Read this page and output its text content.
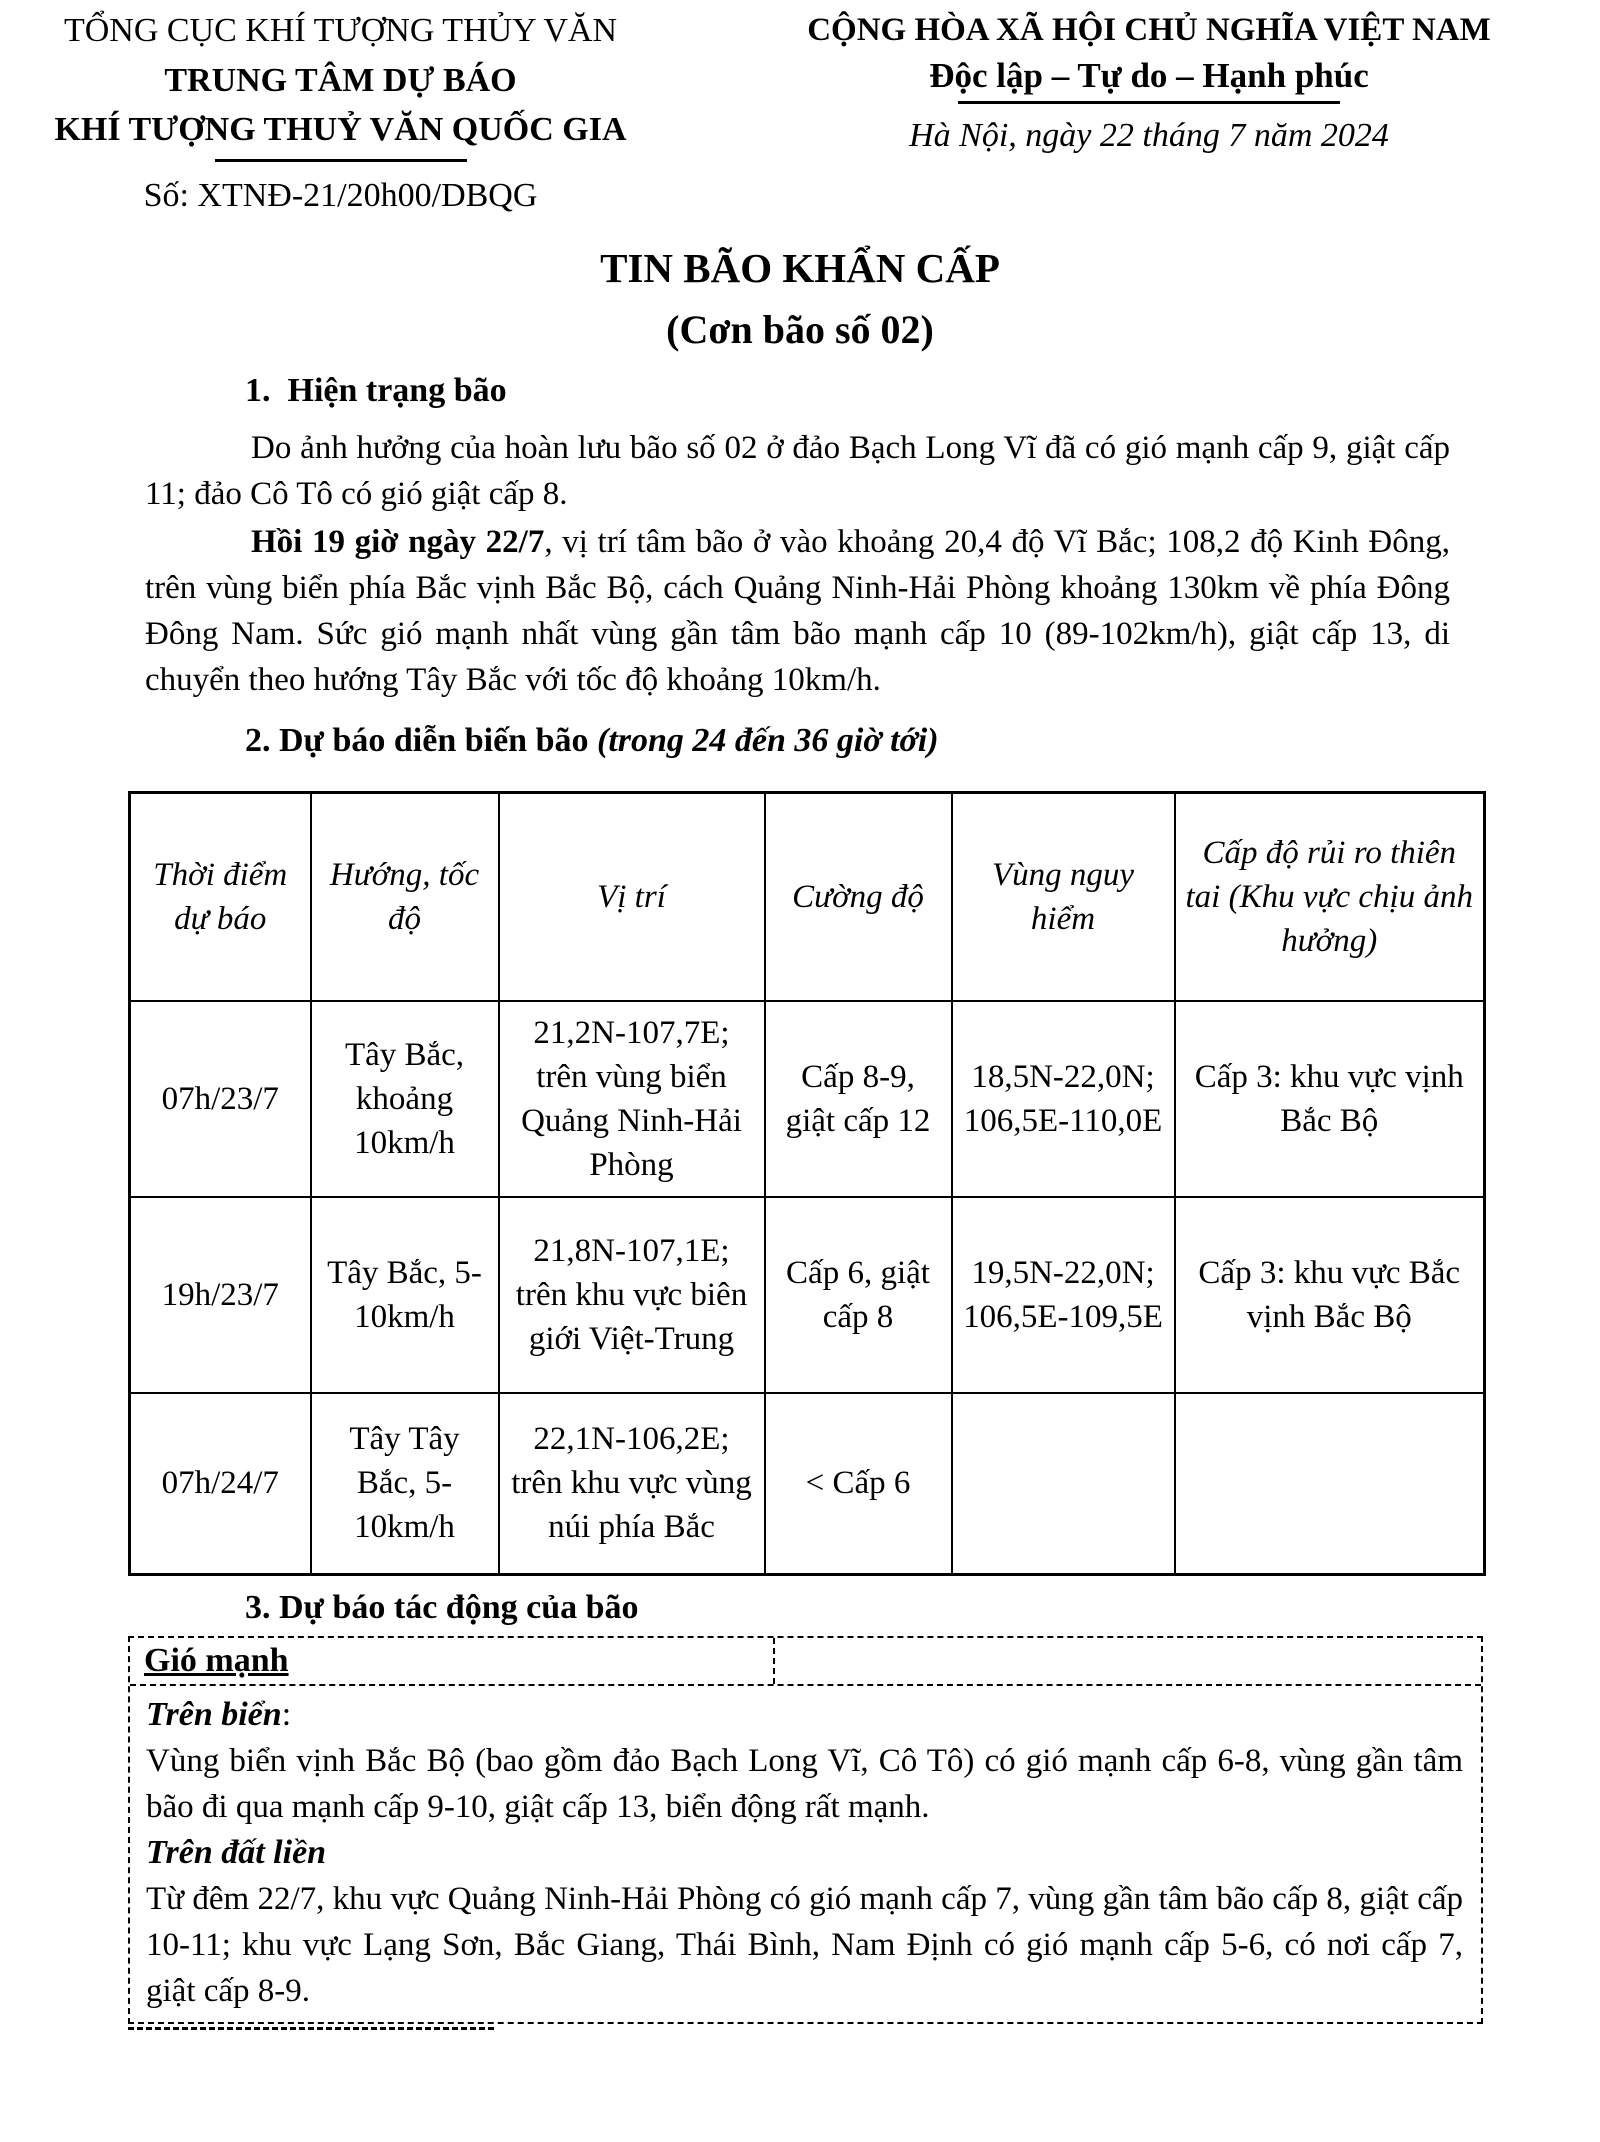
TỔNG CỤC KHÍ TƯỢNG THỦY VĂN
TRUNG TÂM DỰ BÁO
KHÍ TƯỢNG THUỶ VĂN QUỐC GIA
Số: XTNĐ-21/20h00/DBQG
CỘNG HÒA XÃ HỘI CHỦ NGHĨA VIỆT NAM
Độc lập – Tự do – Hạnh phúc
Hà Nội, ngày 22 tháng 7 năm 2024
TIN BÃO KHẨN CẤP
(Cơn bão số 02)
1.  Hiện trạng bão

Do ảnh hưởng của hoàn lưu bão số 02 ở đảo Bạch Long Vĩ đã có gió mạnh cấp 9, giật cấp 11; đảo Cô Tô có gió giật cấp 8.

Hồi 19 giờ ngày 22/7, vị trí tâm bão ở vào khoảng 20,4 độ Vĩ Bắc; 108,2 độ Kinh Đông, trên vùng biển phía Bắc vịnh Bắc Bộ, cách Quảng Ninh-Hải Phòng khoảng 130km về phía Đông Đông Nam. Sức gió mạnh nhất vùng gần tâm bão mạnh cấp 10 (89-102km/h), giật cấp 13, di chuyển theo hướng Tây Bắc với tốc độ khoảng 10km/h.

2. Dự báo diễn biến bão (trong 24 đến 36 giờ tới)
Thời điểm dự báo	Hướng, tốc độ	Vị trí	Cường độ	Vùng nguy hiểm	Cấp độ rủi ro thiên tai (Khu vực chịu ảnh hưởng)
07h/23/7	Tây Bắc, khoảng 10km/h	21,2N-107,7E; trên vùng biển Quảng Ninh-Hải Phòng	Cấp 8-9, giật cấp 12	18,5N-22,0N; 106,5E-110,0E	Cấp 3: khu vực vịnh Bắc Bộ
19h/23/7	Tây Bắc, 5-10km/h	21,8N-107,1E; trên khu vực biên giới Việt-Trung	Cấp 6, giật cấp 8	19,5N-22,0N; 106,5E-109,5E	Cấp 3: khu vực Bắc vịnh Bắc Bộ
07h/24/7	Tây Tây Bắc, 5-10km/h	22,1N-106,2E; trên khu vực vùng núi phía Bắc	< Cấp 6		
3. Dự báo tác động của bão
Gió mạnh
Trên biển:

Vùng biển vịnh Bắc Bộ (bao gồm đảo Bạch Long Vĩ, Cô Tô) có gió mạnh cấp 6-8, vùng gần tâm bão đi qua mạnh cấp 9-10, giật cấp 13, biển động rất mạnh.

Trên đất liền

Từ đêm 22/7, khu vực Quảng Ninh-Hải Phòng có gió mạnh cấp 7, vùng gần tâm bão cấp 8, giật cấp 10-11; khu vực Lạng Sơn, Bắc Giang, Thái Bình, Nam Định có gió mạnh cấp 5-6, có nơi cấp 7, giật cấp 8-9.
